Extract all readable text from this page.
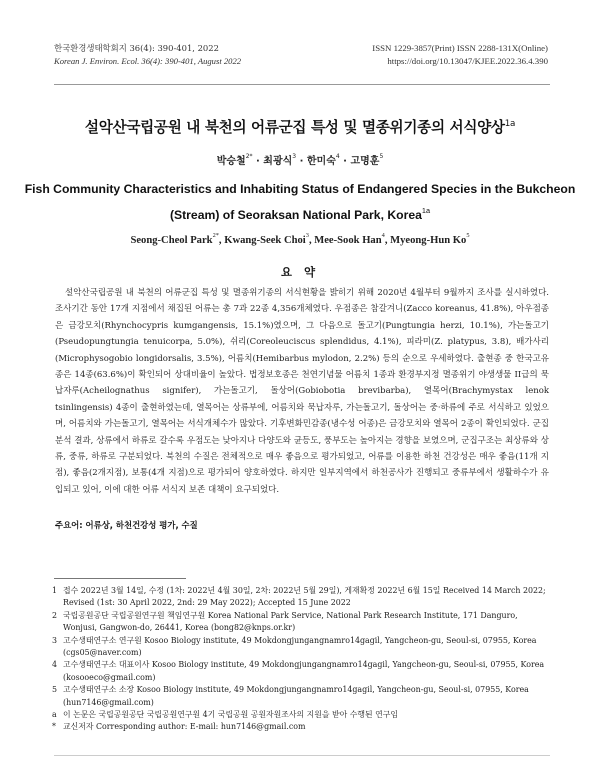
한국환경생태학회지 36(4): 390-401, 2022
Korean J. Environ. Ecol. 36(4): 390-401, August 2022
ISSN 1229-3857(Print) ISSN 2288-131X(Online)
https://doi.org/10.13047/KJEE.2022.36.4.390
설악산국립공원 내 북천의 어류군집 특성 및 멸종위기종의 서식양상$^{1a}$
박승철$^{2*}$ · 최광식$^3$ · 한미숙$^4$ · 고명훈$^5$
Fish Community Characteristics and Inhabiting Status of Endangered Species in the Bukcheon
(Stream) of Seoraksan National Park, Korea$^{1a}$
Seong-Cheol Park$^{2*}$, Kwang-Seek Choi$^3$, Mee-Sook Han$^4$, Myeong-Hun Ko$^5$
요 약

설악산국립공원 내 북천의 어류군집 특성 및 멸종위기종의 서식현황을 밝히기 위해 2020년 4월부터 9월까지 조사를 실시하였다. 조사기간 동안 17개 지점에서 채집된 어류는 총 7과 22종 4,356개체였다. 우점종은 참갈겨니(Zacco koreanus, 41.8%), 아우점종은 금강모치(Rhynchocypris kumgangensis, 15.1%)였으며, 그 다음으로 돌고기(Pungtungia herzi, 10.1%), 가는돌고기(Pseudopungtungia tenuicorpa, 5.0%), 쉬리(Coreoleuciscus splendidus, 4.1%), 피라미(Z. platypus, 3.8), 배가사리(Microphysogobio longidorsalis, 3.5%), 어름치(Hemibarbus mylodon, 2.2%) 등의 순으로 우세하였다. 출현종 중 한국고유종은 14종(63.6%)이 확인되어 상대비율이 높았다. 법정보호종은 천연기념물 어름치 1종과 환경부지정 멸종위기 야생생물 II급의 묵납자루(Acheilognathus signifer), 가는돌고기, 돌상어(Gobiobotia brevibarba), 열목어(Brachymystax lenok tsinlingensis) 4종이 출현하였는데, 열목어는 상류부에, 어름치와 묵납자루, 가는돌고기, 돌상어는 중·하류에 주로 서식하고 있었으며, 어름치와 가는돌고기, 열목어는 서식개체수가 많았다. 기후변화민감종(냉수성 어종)은 금강모치와 열목어 2종이 확인되었다. 군집분석 결과, 상류에서 하류로 갈수록 우점도는 낮아지나 다양도와 균등도, 풍부도는 높아지는 경향을 보였으며, 군집구조는 최상류와 상류, 중류, 하류로 구분되었다. 북천의 수질은 전체적으로 매우 좋음으로 평가되었고, 어류를 이용한 하천 건강성은 매우 좋음(11개 지점), 좋음(2개지점), 보통(4개 지점)으로 평가되어 양호하였다. 하지만 일부지역에서 하천공사가 진행되고 중류부에서 생활하수가 유입되고 있어, 이에 대한 어류 서식지 보존 대책이 요구되었다.

주요어: 어류상, 하천건강성 평가, 수질
1 접수 2022년 3월 14일, 수정 (1차: 2022년 4월 30일, 2차: 2022년 5월 29일), 게재확정 2022년 6월 15일 Received 14 March 2022; Revised (1st: 30 April 2022, 2nd: 29 May 2022); Accepted 15 June 2022
2 국립공원공단 국립공원연구원 책임연구원 Korea National Park Service, National Park Research Institute, 171 Danguro, Wonjusi, Gangwon-do, 26441, Korea (bong82@knps.or.kr)
3 고수생태연구소 연구원 Kosoo Biology institute, 49 Mokdongjungangnamro14gagil, Yangcheon-gu, Seoul-si, 07955, Korea (cgs05@naver.com)
4 고수생태연구소 대표이사 Kosoo Biology institute, 49 Mokdongjungangnamro14gagil, Yangcheon-gu, Seoul-si, 07955, Korea (kosooeco@gmail.com)
5 고수생태연구소 소장 Kosoo Biology institute, 49 Mokdongjungangnamro14gagil, Yangcheon-gu, Seoul-si, 07955, Korea (hun7146@gmail.com)
a 이 논문은 국립공원공단 국립공원연구원 4기 국립공원 공원자원조사의 지원을 받아 수행된 연구임
* 교신저자 Corresponding author: E-mail: hun7146@gmail.com
